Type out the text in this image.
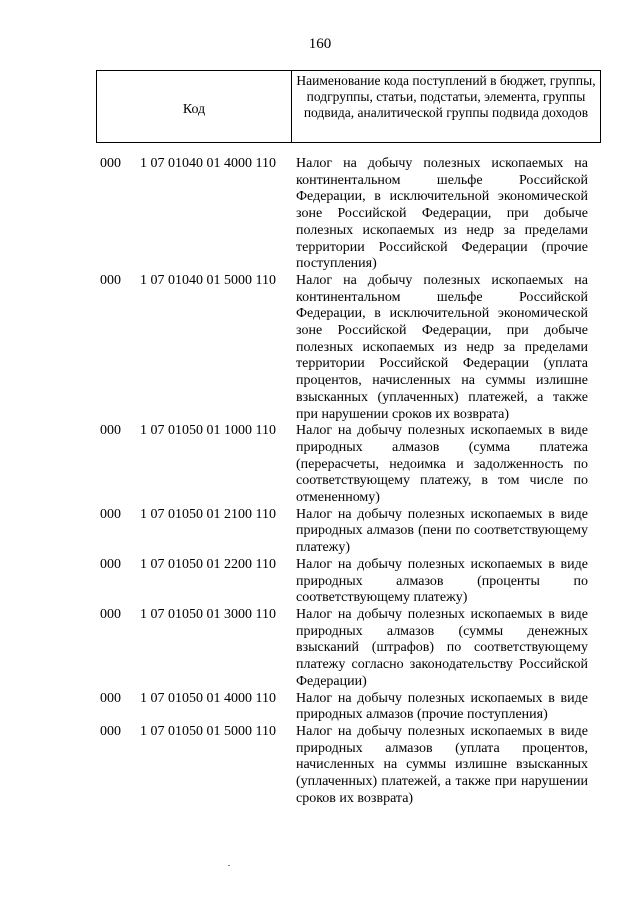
160
Код
Наименование кода поступлений в бюджет, группы, подгруппы, статьи, подстатьи, элемента, группы подвида, аналитической группы подвида доходов
000	1 07 01040 01 4000 110	Налог на добычу полезных ископаемых на континентальном шельфе Российской Федерации, в исключительной экономической зоне Российской Федерации, при добыче полезных ископаемых из недр за пределами территории Российской Федерации (прочие поступления)
000	1 07 01040 01 5000 110	Налог на добычу полезных ископаемых на континентальном шельфе Российской Федерации, в исключительной экономической зоне Российской Федерации, при добыче полезных ископаемых из недр за пределами территории Российской Федерации (уплата процентов, начисленных на суммы излишне взысканных (уплаченных) платежей, а также при нарушении сроков их возврата)
000	1 07 01050 01 1000 110	Налог на добычу полезных ископаемых в виде природных алмазов (сумма платежа (перерасчеты, недоимка и задолженность по соответствующему платежу, в том числе по отмененному)
000	1 07 01050 01 2100 110	Налог на добычу полезных ископаемых в виде природных алмазов (пени по соответствующему платежу)
000	1 07 01050 01 2200 110	Налог на добычу полезных ископаемых в виде природных алмазов (проценты по соответствующему платежу)
000	1 07 01050 01 3000 110	Налог на добычу полезных ископаемых в виде природных алмазов (суммы денежных взысканий (штрафов) по соответствующему платежу согласно законодательству Российской Федерации)
000	1 07 01050 01 4000 110	Налог на добычу полезных ископаемых в виде природных алмазов (прочие поступления)
000	1 07 01050 01 5000 110	Налог на добычу полезных ископаемых в виде природных алмазов (уплата процентов, начисленных на суммы излишне взысканных (уплаченных) платежей, а также при нарушении сроков их возврата)
